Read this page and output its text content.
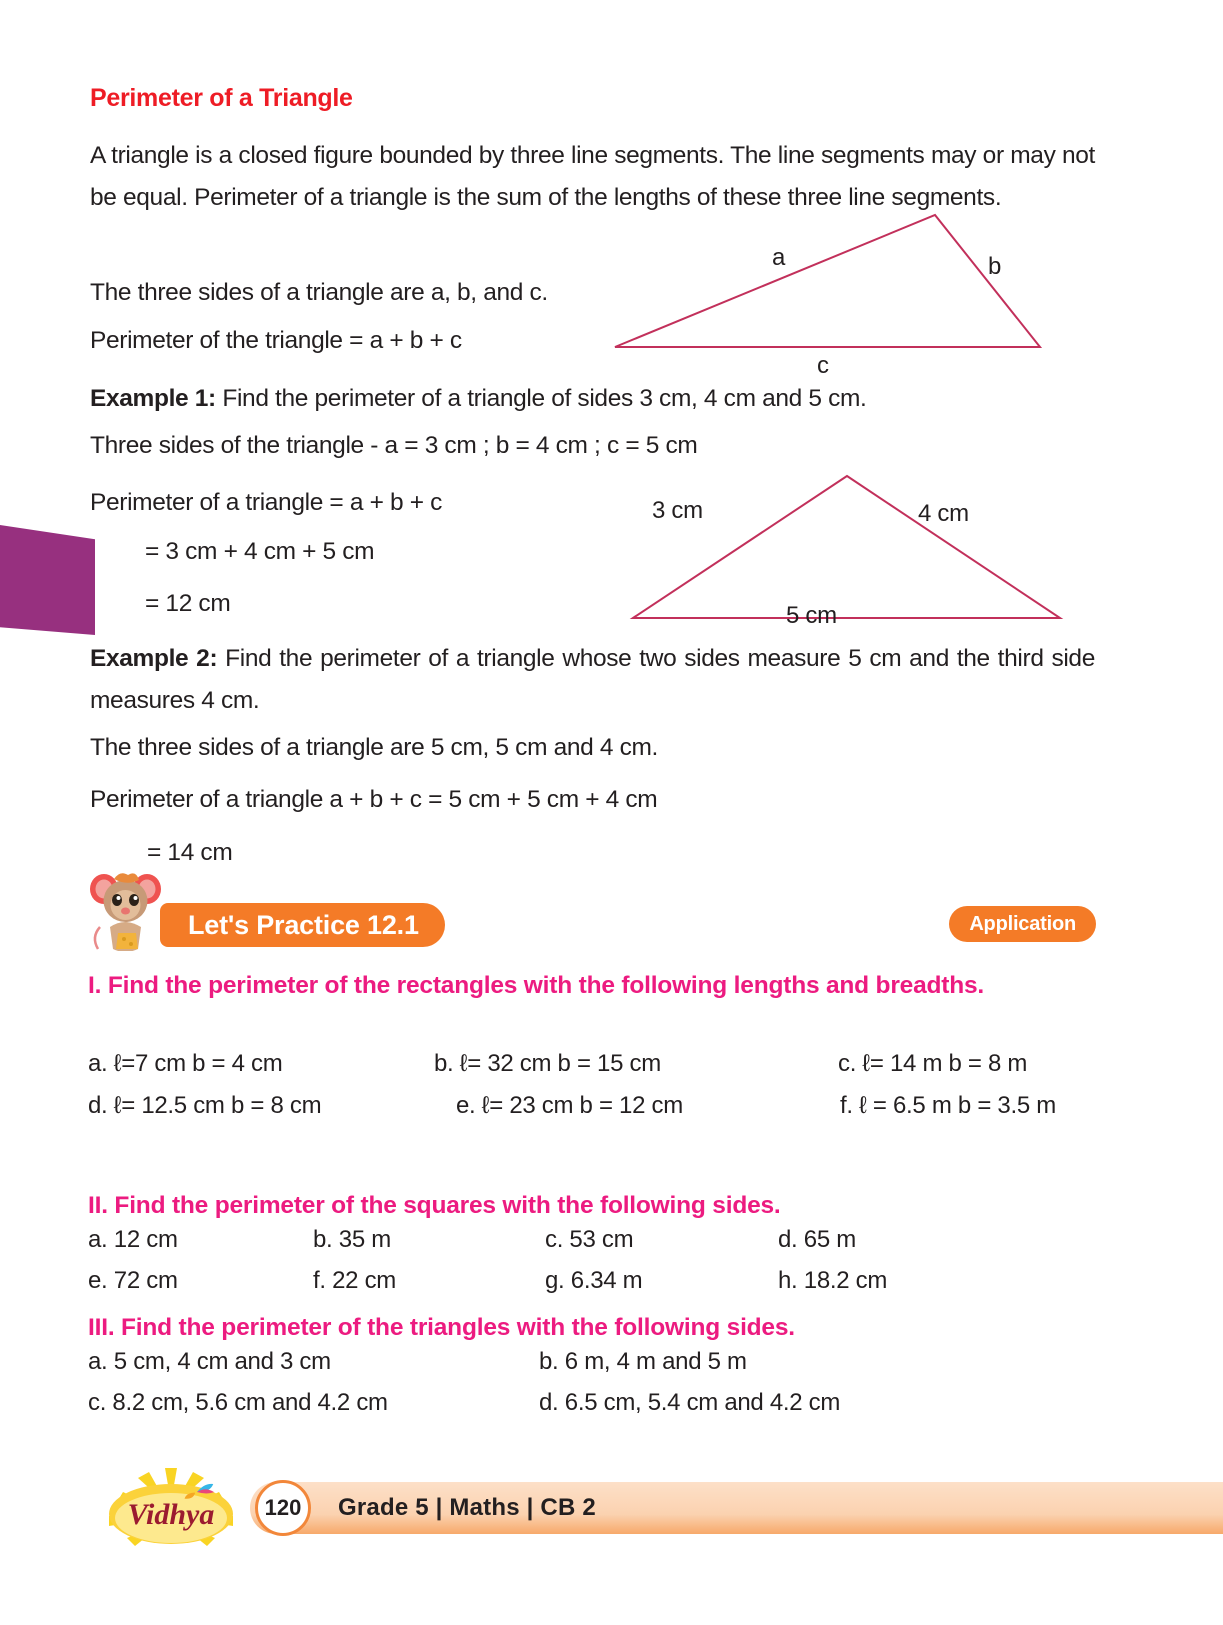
Perimeter of a Triangle
A triangle is a closed figure bounded by three line segments. The line segments may or may not be equal. Perimeter of a triangle is the sum of the lengths of these three line segments.
The three sides of a triangle are a, b, and c.
Perimeter of the triangle = a + b + c
a	b
c
Example 1: Find the perimeter of a triangle of sides 3 cm, 4 cm and 5 cm.
Three sides of the triangle - a = 3 cm ; b = 4 cm ; c = 5 cm
Perimeter of a triangle = a + b + c
= 3 cm + 4 cm + 5 cm
= 12 cm
3 cm	4 cm
5 cm
Example 2: Find the perimeter of a triangle whose two sides measure 5 cm and the third side measures 4 cm.
The three sides of a triangle are 5 cm, 5 cm and 4 cm.
Perimeter of a triangle a + b + c = 5 cm + 5 cm + 4 cm
= 14 cm
Let's Practice 12.1	Application
I. Find the perimeter of the rectangles with the following lengths and breadths.
a. ℓ=7 cm b = 4 cm	b. ℓ= 32 cm b = 15 cm	c. ℓ= 14 m b = 8 m
d. ℓ= 12.5 cm b = 8 cm	e. ℓ= 23 cm b = 12 cm	f. ℓ = 6.5 m b = 3.5 m
II. Find the perimeter of the squares with the following sides.
a. 12 cm	b. 35 m	c. 53 cm	d. 65 m
e. 72 cm	f. 22 cm	g. 6.34 m	h. 18.2 cm
III. Find the perimeter of the triangles with the following sides.
a. 5 cm, 4 cm and 3 cm	b. 6 m, 4 m and 5 m
c. 8.2 cm, 5.6 cm and 4.2 cm	d. 6.5 cm, 5.4 cm and 4.2 cm
Vidhya 120 Grade 5 | Maths | CB 2
